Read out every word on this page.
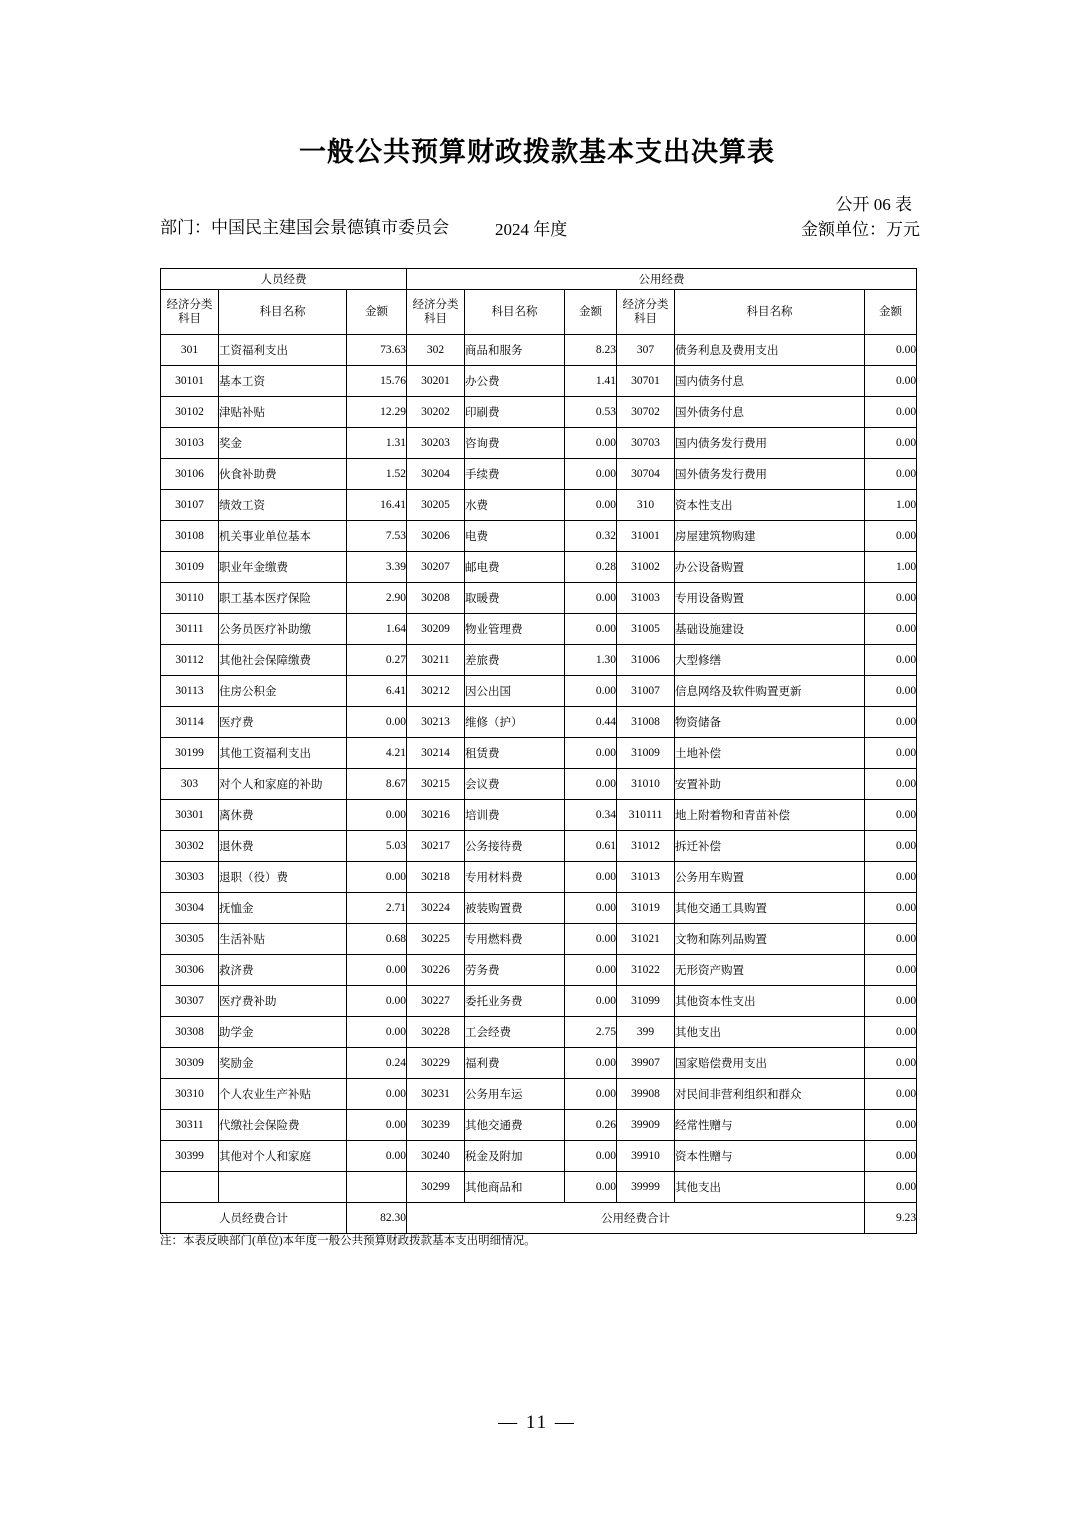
一般公共预算财政拨款基本支出决算表
公开 06 表
部门：中国民主建国会景德镇市委员会	2024 年度	金额单位：万元
人员经费			公用经费					
经济分类科目	科目名称	金额	经济分类科目	科目名称	金额	经济分类科目	科目名称	金额
301	工资福利支出	73.63	302	商品和服务	8.23	307	债务利息及费用支出	0.00
30101	基本工资	15.76	30201	办公费	1.41	30701	国内债务付息	0.00
30102	津贴补贴	12.29	30202	印刷费	0.53	30702	国外债务付息	0.00
30103	奖金	1.31	30203	咨询费	0.00	30703	国内债务发行费用	0.00
30106	伙食补助费	1.52	30204	手续费	0.00	30704	国外债务发行费用	0.00
30107	绩效工资	16.41	30205	水费	0.00	310	资本性支出	1.00
30108	机关事业单位基本	7.53	30206	电费	0.32	31001	房屋建筑物购建	0.00
30109	职业年金缴费	3.39	30207	邮电费	0.28	31002	办公设备购置	1.00
30110	职工基本医疗保险	2.90	30208	取暖费	0.00	31003	专用设备购置	0.00
30111	公务员医疗补助缴	1.64	30209	物业管理费	0.00	31005	基础设施建设	0.00
30112	其他社会保障缴费	0.27	30211	差旅费	1.30	31006	大型修缮	0.00
30113	住房公积金	6.41	30212	因公出国	0.00	31007	信息网络及软件购置更新	0.00
30114	医疗费	0.00	30213	维修（护）	0.44	31008	物资储备	0.00
30199	其他工资福利支出	4.21	30214	租赁费	0.00	31009	土地补偿	0.00
303	对个人和家庭的补助	8.67	30215	会议费	0.00	31010	安置补助	0.00
30301	离休费	0.00	30216	培训费	0.34	310111	地上附着物和青苗补偿	0.00
30302	退休费	5.03	30217	公务接待费	0.61	31012	拆迁补偿	0.00
30303	退职（役）费	0.00	30218	专用材料费	0.00	31013	公务用车购置	0.00
30304	抚恤金	2.71	30224	被装购置费	0.00	31019	其他交通工具购置	0.00
30305	生活补贴	0.68	30225	专用燃料费	0.00	31021	文物和陈列品购置	0.00
30306	救济费	0.00	30226	劳务费	0.00	31022	无形资产购置	0.00
30307	医疗费补助	0.00	30227	委托业务费	0.00	31099	其他资本性支出	0.00
30308	助学金	0.00	30228	工会经费	2.75	399	其他支出	0.00
30309	奖励金	0.24	30229	福利费	0.00	39907	国家赔偿费用支出	0.00
30310	个人农业生产补贴	0.00	30231	公务用车运	0.00	39908	对民间非营利组织和群众	0.00
30311	代缴社会保险费	0.00	30239	其他交通费	0.26	39909	经常性赠与	0.00
30399	其他对个人和家庭	0.00	30240	税金及附加	0.00	39910	资本性赠与	0.00
			30299	其他商品和	0.00	39999	其他支出	0.00
人员经费合计		82.30	公用经费合计					9.23
注：本表反映部门(单位)本年度一般公共预算财政拨款基本支出明细情况。
— 11 —
